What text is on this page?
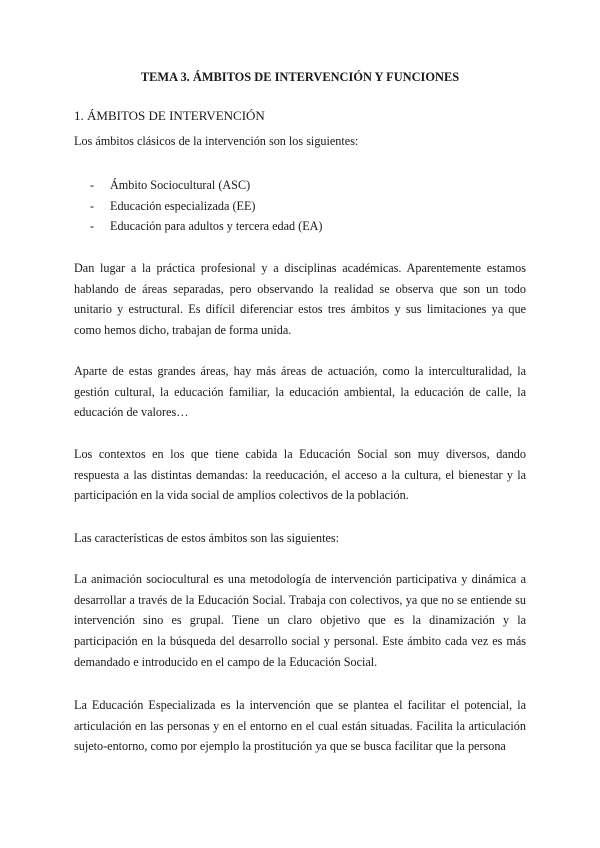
TEMA 3. ÁMBITOS DE INTERVENCIÓN Y FUNCIONES
1. ÁMBITOS DE INTERVENCIÓN
Los ámbitos clásicos de la intervención son los siguientes:
- Ámbito Sociocultural (ASC)
- Educación especializada (EE)
- Educación para adultos y tercera edad (EA)

Dan lugar a la práctica profesional y a disciplinas académicas. Aparentemente estamos hablando de áreas separadas, pero observando la realidad se observa que son un todo unitario y estructural. Es difícil diferenciar estos tres ámbitos y sus limitaciones ya que como hemos dicho, trabajan de forma unida.

Aparte de estas grandes áreas, hay más áreas de actuación, como la interculturalidad, la gestión cultural, la educación familiar, la educación ambiental, la educación de calle, la educación de valores…

Los contextos en los que tiene cabida la Educación Social son muy diversos, dando respuesta a las distintas demandas: la reeducación, el acceso a la cultura, el bienestar y la participación en la vida social de amplios colectivos de la población.

Las características de estos ámbitos son las siguientes:

La animación sociocultural es una metodología de intervención participativa y dinámica a desarrollar a través de la Educación Social. Trabaja con colectivos, ya que no se entiende su intervención sino es grupal. Tiene un claro objetivo que es la dinamización y la participación en la búsqueda del desarrollo social y personal. Este ámbito cada vez es más demandado e introducido en el campo de la Educación Social.

La Educación Especializada es la intervención que se plantea el facilitar el potencial, la articulación en las personas y en el entorno en el cual están situadas. Facilita la articulación sujeto-entorno, como por ejemplo la prostitución ya que se busca facilitar que la persona
